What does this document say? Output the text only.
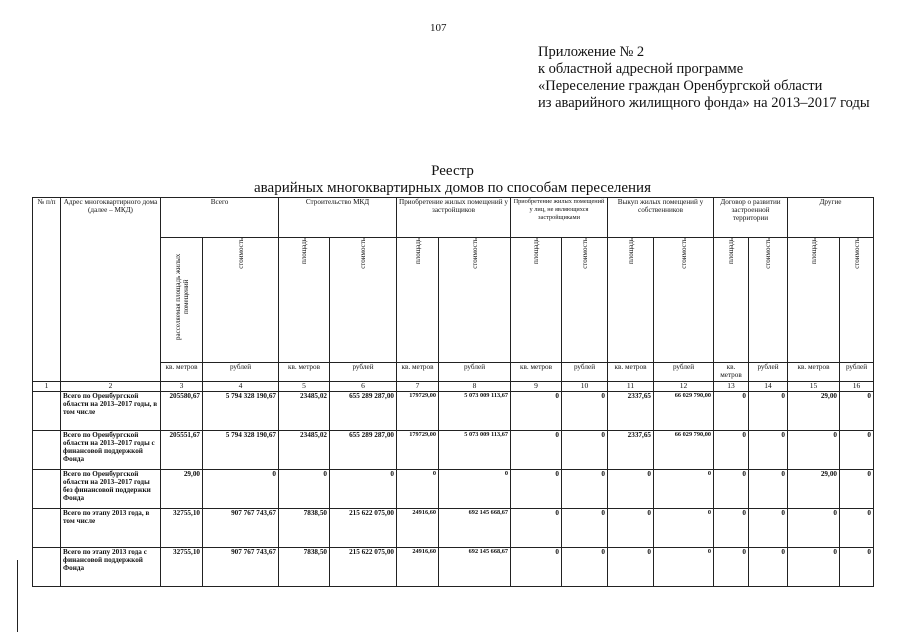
107
Приложение № 2
к областной адресной программе
«Переселение граждан Оренбургской области
из аварийного жилищного фонда» на 2013–2017 годы
Реестр
аварийных многоквартирных домов по способам переселения
№ п/п	Адрес многоквартирного дома (далее – МКД)	Всего		Строительство МКД		Приобретение жилых помещений у застройщиков		Приобретение жилых помещений у лиц, не являющихся застройщиками		Выкуп жилых помещений у собственников		Договор о развитии застроенной территории		Другие	
		расселяемая площадь жилых помещений	стоимость	площадь	стоимость	площадь	стоимость	площадь	стоимость	площадь	стоимость	площадь	стоимость	площадь	стоимость
		кв. метров	рублей	кв. метров	рублей	кв. метров	рублей	кв. метров	рублей	кв. метров	рублей	кв. метров	рублей	кв. метров	рублей
1	2	3	4	5	6	7	8	9	10	11	12	13	14	15	16
	Всего по Оренбургской области на 2013–2017 годы, в том числе	205580,67	5 794 328 190,67	23485,02	655 289 287,00	179729,00	5 073 009 113,67	0	0	2337,65	66 029 790,00	0	0	29,00	0
	Всего по Оренбургской области на 2013–2017 годы с финансовой поддержкой Фонда	205551,67	5 794 328 190,67	23485,02	655 289 287,00	179729,00	5 073 009 113,67	0	0	2337,65	66 029 790,00	0	0	0	0
	Всего по Оренбургской области на 2013–2017 годы без финансовой поддержки Фонда	29,00	0	0	0	0	0	0	0	0	0	0	0	29,00	0
	Всего по этапу 2013 года, в том числе	32755,10	907 767 743,67	7838,50	215 622 075,00	24916,60	692 145 668,67	0	0	0	0	0	0	0	0
	Всего по этапу 2013 года с финансовой поддержкой Фонда	32755,10	907 767 743,67	7838,50	215 622 075,00	24916,60	692 145 668,67	0	0	0	0	0	0	0	0
